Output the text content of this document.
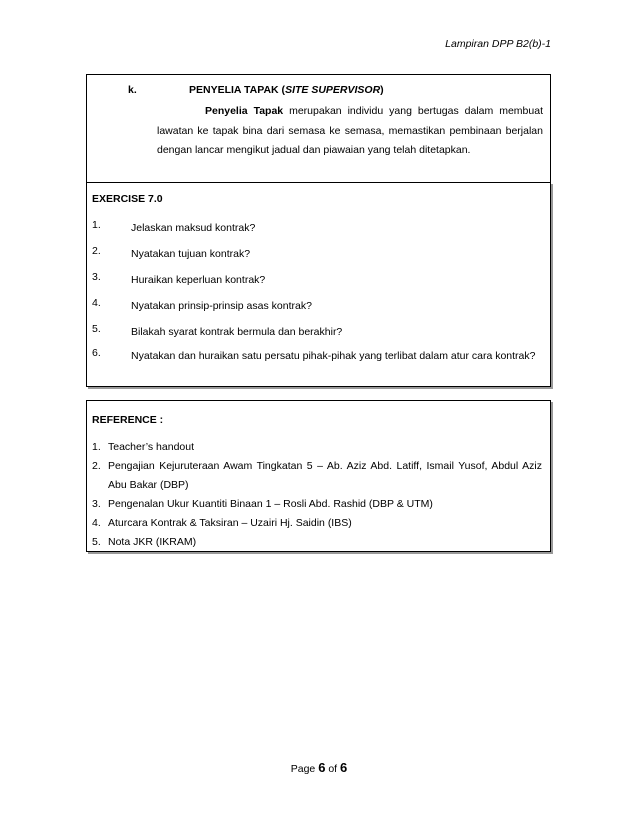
Lampiran DPP B2(b)-1
k.	PENYELIA TAPAK (SITE SUPERVISOR)
Penyelia Tapak merupakan individu yang bertugas dalam membuat lawatan ke tapak bina dari semasa ke semasa, memastikan pembinaan berjalan dengan lancar mengikut jadual dan piawaian yang telah ditetapkan.
EXERCISE 7.0
1.	Jelaskan maksud kontrak?
2.	Nyatakan tujuan kontrak?
3.	Huraikan keperluan kontrak?
4.	Nyatakan prinsip-prinsip asas kontrak?
5.	Bilakah syarat kontrak bermula dan berakhir?
6.	Nyatakan dan huraikan satu persatu pihak-pihak yang terlibat dalam atur cara kontrak?
REFERENCE :
1. Teacher’s handout
2. Pengajian Kejuruteraan Awam Tingkatan 5 – Ab. Aziz Abd. Latiff, Ismail Yusof, Abdul Aziz Abu Bakar (DBP)
3. Pengenalan Ukur Kuantiti Binaan 1 – Rosli Abd. Rashid (DBP & UTM)
4. Aturcara Kontrak & Taksiran – Uzairi Hj. Saidin (IBS)
5. Nota JKR (IKRAM)
Page 6 of 6
